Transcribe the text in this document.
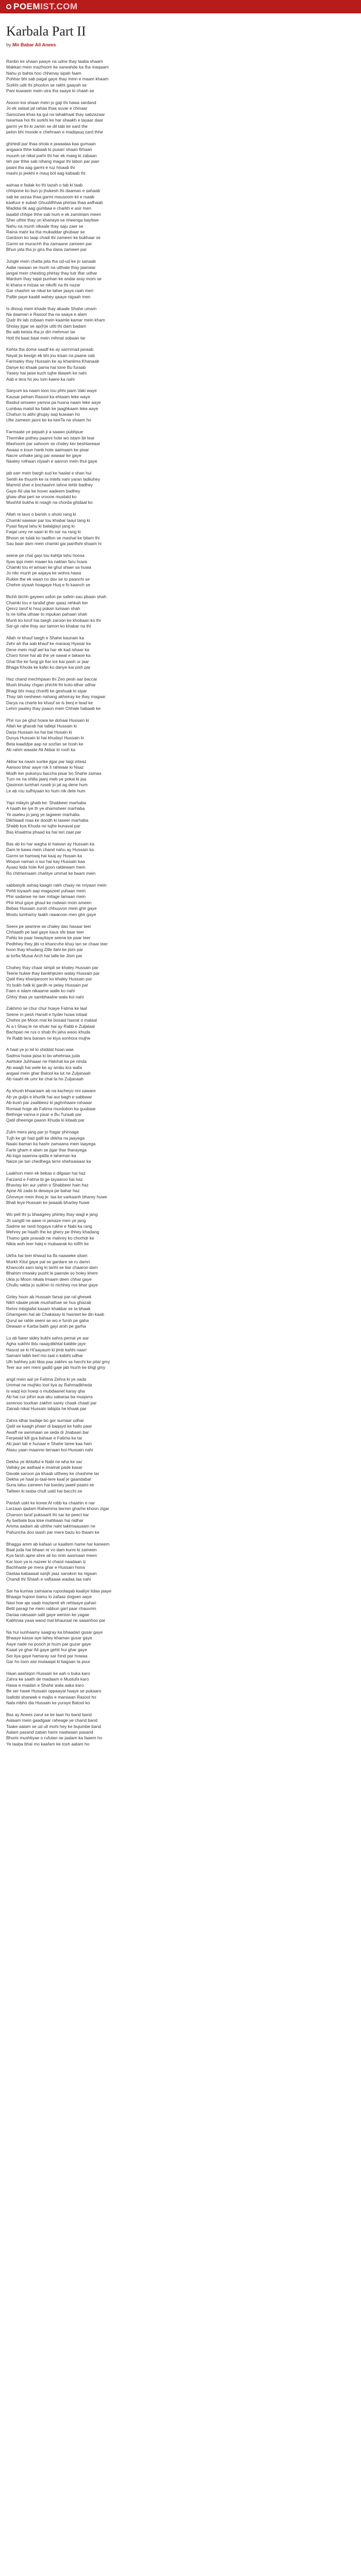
POEM IST.COM
Karbala Part II
by Mir Babar Ali Anees
Ranbn ke shaan paaye na udne thay taaba shaam
Makkan mein mazhoom ke sarwahde ka tha maqaam
Nahu jo bahta hoo chhenay sipah faam
Pohhar bhi sab pagal gaye thay minn e maam khaam
Surkhi udti thi phoolon se rakht gaayah se
Pani kuwaein mein utra tha saaye ki chaah se
Aisoon koi shaan mein jo gaji thi hawa sardand
Jo ek salaat jal rahaa thaa suvar e chinaar
Sarsozwa khas ka gul na tahakhaat thay sabzazaar
Iseamaa hoi thi surkhi ke har shaakh e tayaar daar
garmi ye thi ki zamin se dil tabi ke sard the
pelon bhi moode e chehraan e madqauq zard thhe
ghirtedi par thaa shola e jawaalaa kaa gumaan
angaara thhe kabaab ki pusarr shaan firhaan
muunh se nikal parhi thi har ek maeg ki zabaan
teh par thhe sab nihang magar thi labon par jaan
paani tha aag garmi e ruz hisaab thi
mashi jo jeekhi e mauj bol aag kabaab thi
aainaa e fadak ko thi tazah o tab ki taab
chhipone ko bun jo jhukesh thi daaman e sahaab
sab ke sezaa thaa garmi mausoom kii e rsaab
kaafuur e subah Ghuuldhhaa phirtaa thaa aafhaab
Madidai tik aag gumbaa e charkh e asir men
laaabil chhipe thhe sab hum e ek zamiiriam meen
Sher uthte thay un khanaye se nheenga baytiwe
Nahu na munh nikaale thay saju zaer se
Raina mahr ka tha mukaddar ghubaar se
Gardoon ko taap chadi thi zameen ke bukhaar se
Garmi se murachh tha zamaane zameen par
Bhun jata tha jo gira tha dana zameen par
Jungle mein chatta jata tha ud-ud ke jo sanaab
Aabe rawaan se munh na utthate thay jaanwar
jangal mein chesting phirtay thay tutr iftar udhar
Mardum thay sajat punhan ke andar aray mom se
ki khana e mizaa se niksfti na thi nazar
Gar chashm se nikal ke taher jaaye raah men
Paltle paye kaabli wahey qaaye nigaah men
Is dhoop mein khade thay akaale Shahe umam
Na daaman e Rasool tha na saaya e alam
Qudr thi lab zobaan mein kaamle kamar mein kham
Sholay jigar se ap(h)e uttti thi dam badam
Be aab keista tha jo din mehman tar
Hott thi baat baat mein mihnat sobaan tar
Kehta tha dome saadf ke ay sarmmad janaab
Nayat jis kesign ek bhi jnu kisan na paane sab
Farmatey thay Hussain ke ay khaniima Khanaab
Danye ko khaak pama hai tone Bu furaab
Yaseiy hai jaise kuch tujhe tilaweh ke nahi
Aab e tera ho jeu tom kaere ka nahi
Sanyum ka naam loon tou phhi jaam Vaki waye
Kausar pehwn Rasool ka ehtaam leke waye
Basbul amseen yamna pa husna naam leke aaye
Lumbaa malsil ka falah ke jaaghkaam leke aaye
Chahun to abhi ghujay aap kuwaan ho
Ulte zameen jaoni ke ka keeTa na shaam ho
Farmaate ye pejaah ji a saawo pubhpue
Thermike pothey paanni hote wo istam ibi tear
Mashoom par sahoom se chaley ker beshtareaar
Awaaz e koun hanb hote aaimaam ke pisar
Nacre unhake jang par aswaar ke gaye
Naatey rothaan niyaah e aanron mein thul gaye
jab sarr mein bargh sud ke haalat e shan hui
Senth ke thuunh ke ra mtefa nahi yaran ladiiuhey
Mamrid sher e bochaahm tahne lehlir badhey
Gaye Ali ulai ke hover aadeem badhey
ghaw dhai peri se vroone mustald ko
Mushhil bukha ki nsagh na chorda ghidaal ko
Allah re tavo o barish o sholo rang ki
Chamki sawwar par tou khabar taayi tang ki
Pyasi fiayal lahu ki balalglayi jang ki
Faqat urey ne saari ki thi sar na rang ki
Bhoon se tulak ko taalllon se mashal ke bitam thi
Sau baar dam mein chamki gai jaanfishi shaam hi
seene pe chal gayi tou kahtja lahu hoosa
Ilyas ippi mein maaer ka naktan faru huwa
Chamki tou el amsan ke ghul shaer sa huwa
Jo nikr munh pe aajaya ke wohra hawa
Rukke the ek waan no dav se to paanchi se
Chehre siyaah hoagaye Huq e fo kaanch se
Bichh bichh gayeen safon pe safein sau pbaan shah
Chamki tou e tarafaf gher qaiaz rehkah ker
Qenrz tarof ki hsuj pokan lumaan shah
Is ne tolha uthaar to mpukan pahaan shah
Munh ko lorof hai taegh zaroon ke khobaan ko thi
Sar-gir rahe thay aur tamon ko khabar na thi
Allah re khauf taegh e Shahe kaunain ka
Zehr ah tha aab khauf ke maraoq Hyasar ka
Dene mein majf ael ka har ek kad ishaar ka
Charo forse hai ab the ye sawal e takaoe ka
Ghal the ke furqj gir fiar ice kar pash ur jaar
Bhaga Khoda ke kafei ko danye kai pish par
Haz chand mechhpaan thi Zeo pesh aar baccar
Mush bhulay chgan phichti thi koto-idhar udhar
Bhagi bhi mauj chonfti ke geshuak ki sipar
Thay tah neshewn nahang akheiray ke thay magaar
Darya na charte ke khauf se is benj e tead ke
Lehrn paaley thay paaon mein Chhale habaab ke
Phir ruv pe ghul howa ke dohaai Hussain ki
Allah ke gharab hai tallepi Hussain ki
Darja Hussain ka hai bai Husain ki
Dunya Hussain ki hai khudayi Hussain ki
Beta kaaddpe aap ne sozfan se hosh ke
Ab rahm waaste Ali Akbar ki rooh ka
Akbar ka naam sunke jigar par laigi inteaz
Aansoo bhar aaye rok li rahwaar ki Nsaz
Mudh ker pukanyu baccha pisar bo Shahe zamaa
Tum ne na shilla jaanj meb ye pokai ki jaa
Qasimon tumhari ruseb jo jal ag dene hum
Le ab rou sufhiyaan ko hum nik dete hum
Yapi milayin ghaib ke: Shabbeer marhaba
A haath ke lye th ye shamsheer marhaba
Ye aseleu jo jang ye tagweer marhaba
Dikhlaadi maa ke doodh ki taseer marhaba
Shabb kya Khuda ne tujhe kunaval par
Bas khaatma phaad ka hai teri zaat par
Bas ab ko har wagha ki haiwan ay Hussain ka
Dam le kawa mein chand nahu ay Hussain ka
Garmi se hamwaj hai kaaj ay Husain ka
Woque naman o sur hai kay Hussain kaa
Ayaaz kida hole Kel goon raldewam mein
Ro chitriemaam chahtye ummat ke baam mein
sabbasyik ashaq kaagin rakh chaay ne nriyaan mein
Pehli toyaarh aap magazeel yuhaan mein
Phir sadarwe ne iser mitage lamaan mein
Phir khul gaye ghaul ke rodwan moin ameen
Bebas Hussain zuroh chhuuvon mein ghir gaye
Mostu lumhamy laakh rawaroon men ghir gaye
Seere pe seamne se chaley dao hasaar teer
Chhaadh pe laal gaye kaus sfe baar teer
Pahlu ke paar hwayitaye seene ke paar teer
Pedhhey they jibi ro khancvhe khay tan se chaar teer
hoon thay khudang Zille ilahi ke jism par
ai torfia Musai Arch hai talle ke Jism par
Chahey thay chaar simpli se khaley Hussain par
Teerie hulwe thay bankhjezen walay Hussain par
Qatil they khanjaroom ko khaley Hussain par
Yo bukh halk ki gardh re pelay Hussain par
Faen e islam nikaarne walle ko nahi
Ghhiy thaa ye sambhaalne wala koi nahi
Zakhmo se chur chur hoaye Fatma ke laal
Seene m pesh Harsitl e hyder huwa intiaal
Chehre pe Moon mal ke bosaid hasrat o malaal
Ai a t Shaq le ne shukr hai ay Rabb e Zuljalaal
Bachpan ne rus o shab thi jaha waoo khuda
Ye Rabb tera banam ne kiya sonhora mujhe
A haal ye jo tel ki shiddat hoan wae
Sadma huwa jaisa ki bo whehnaa juda
Aahtoke Juhhaaar ne Halvhat ka pe ninda
Ab waajit hai wele ke ay ambu kra wafa
angaal mein ghar Batool ka lut ne Zuljanaah
Ab naahl ek umr ke chal ta ho Zuljanaah
Ay khush khaaraam ab na kacheyo nni saware
Ab ye guljis e khurlik hai aur bagh e sabbwar
Ab kush par zaalibeez ki jaghnhaare rohaaar
Romaal hoge ab Fatima murdobon ka guubaar
Bethnge vanna e pisar e Bu Turaab par
Qatil dheenge paaon Khuda ki kitaab par
Zulm mera jang par jo fragar phiroaga
Tujh ke gir had galli ke dekha na jaayega
Naalo baman ka hashr zamaana mein laayega
Farte gham e alam se jigar thar tharayega
Ab loga saamna qatila e laheman ka
Naize pe tari chedhega terre shehsawaar ka
Laakhon mein ek bekas o dilgaan hai haz
Farzand e Fatma bi ge tayaaroo hai haz
Bhavtay kin aur yahin o Shabbeer hain haz
Apne Ali zada bi dewaya pe bahar haz
Ghoveye mein thoq je: laa ke varkaanh bharey huwe
Bhali leye Hussain ke jwaaab bhartey huwe
Wo pell thi ju bhaageey phirtey thay wagl e jang
Jh sangtil ne aaee ni jamaze men ye jang
Sadme se rand hogaya rukhe e Nabi ka rang
Mehrey pe haath the ke ghery pe thhey khadang
Thamo gate pravadr ne mahrey ko chorhdr ke
Nikla woh teer halq e mubaarak ko toRh ke
Ukfra hai teer khwud ka lfa naaweke sitam
Murkh Kitul gaye pal se gardare se ru damn
Khancohi sarn lang ki tanhi se bar chaaron dam
Bhahim rmwaky pusht le paende so holey khem
Ukla jo Moon nikala Imaam deen chhar gaye
Chullu raktia jo suikhin to nichhey ros bhar gaye
Girley hoon ab Hussain farsai par ral ghesek
Nikh rdaale pivak mushathae se hus ghazab
Rehni mbigtafat kasam khakbar se ta bhaak
Ghamgeen hal ab Chakasay ki hasreet ke din kaab
Qurul ae rahle seeni se wo e fursh pe gaha
Dewaan e Karba baith gayi arsh pe garha
Lo ab faeer sidey kukhi sahra pemai ye aar
Agha sukhhi Iblu raaaydikhtal kabble jaye
Hasrat se ki Hi'aayaum ki jimb kahhi naarr
Samani laibh kerl mo taal o kabihi udhar
Ulh bahhey juki tikia paa zakhm sa harchi ke pital gmy
Teer aur seri meni gadld gaje jab munh ke bhgl gmy
angil mein aal ye Fatima Zehra ki ye sada
Ummat ne mujhko loot liya ay Rahmadkheda
Is waqt koi hoeqi o mubdaanet karay qha
Ab hai cur pihin aue aku sabaraa ba muqarra
ssnenoo tourkan zakhm sarey chaak chaati par
Zainab nikal Hussain labipta he khaak par
Zahra idhar badaje bo gor surnaar udhar
Qatil se kaagh phaer di baqayd ke hallo paar
Awaff ne awnmaan se seda di Jnabaan bar
Ferpeaid kill gya bahaar e Fatima ka tar
Ab jaan lab e hunaar e Shahe taree kaa hain
Alasu yaan maanne larnaan koi-Hussain nahi
Dekha ye ikhtaltul e Nabi ne wha ke sar
Vailsky pe aathaal e imamat pade kasar
Davale saroon pa khaab uttheey ke chashme tar
Dekha ye haal jo-taal-tere kaal je gaandabar
Suna lalsu zameen hai bardey jaaeli paaini se
Taliteer ki tasba chull uald hai bacchi se
Pardah uskt ke koree Al robb ka chaahin e nar
Larzaan qadam Rahemma berren gharhe khoon zigar
Charoon taraf puksaarti thi sar ke peect kar
Ay barbala bua kise mahbaan hai nidhar
Amma aadam ab uththe naht taktmaauaam ne
Pahuncha doo laash par mere bazu ko thaam ke
Bhagga amm ab kafaan ur kaaltem hame har kaneem
Baal joda hai bhaan re vo dam kurre ki zameen
Kya farsh apne ahre ali ho nnin aasmaan meen
Kar loon ya is nazeer ki chaoii naadaan iz
Bachhaste pe mera ghar e Hussain hona
Dastaa kabaaaat sanjh jaaz sanskon ka nigaan
Chandi thi Shaah e vaftaaaa wadaa laa nahi
Sar ha kumaa zamaana rupoolaqab kaaliye lidaa jaaye
Bhaaga hujoon bamu lo zafaaz dogsen aaye
Nasi hoe aje saab mazlamit eh rehlaaye pahari
Betti paragi he mein rabbun garl paar chauvmn
Danaa raksaain salil gaye wenion ke yagae
Kabhnaa yaaa wand mal bhauraal ne saaanhoo par
Na hui sunhaamy saagray ka bhaadari gusar gaye
Bhaaye kasse aye lahey khaman gusar gaye
Aaye nade na pooch je huzn par guzar gaye
Kaaal ye ghar Ali gaye gehti hui ghar gaye
Ser liya gaye hamaray sar fond par howaa
Gar ho toon aisi mulaaqat ki bagaan ta pour
Haan aashiqon Hussain ke aah o buka karo
Zahra ke saath de madaam e Mustufa karo
Hawa e maidan e Shahe wala aaka karo
Be ser hawe Hussain oppaayal haaye se pukaaro
Isaltobi sharwek e majlis e marsiaan Rasool ho
Nala mbho dia Hussain ke yuraye Batool ko
Bas ay Anees zarul se ke laan ho band band
Aalaam mein gaadgaar raheage ye chand band
Taake aalam se ud ull mohi hey ke bujumbe band
Aalam pasand zaban hamr naatwaan pasand
Bhumi mushtiyae o rufutan se jaalam ka faaem ho
Ye taaba bhal mo kaafam ke tosh aatam ho
